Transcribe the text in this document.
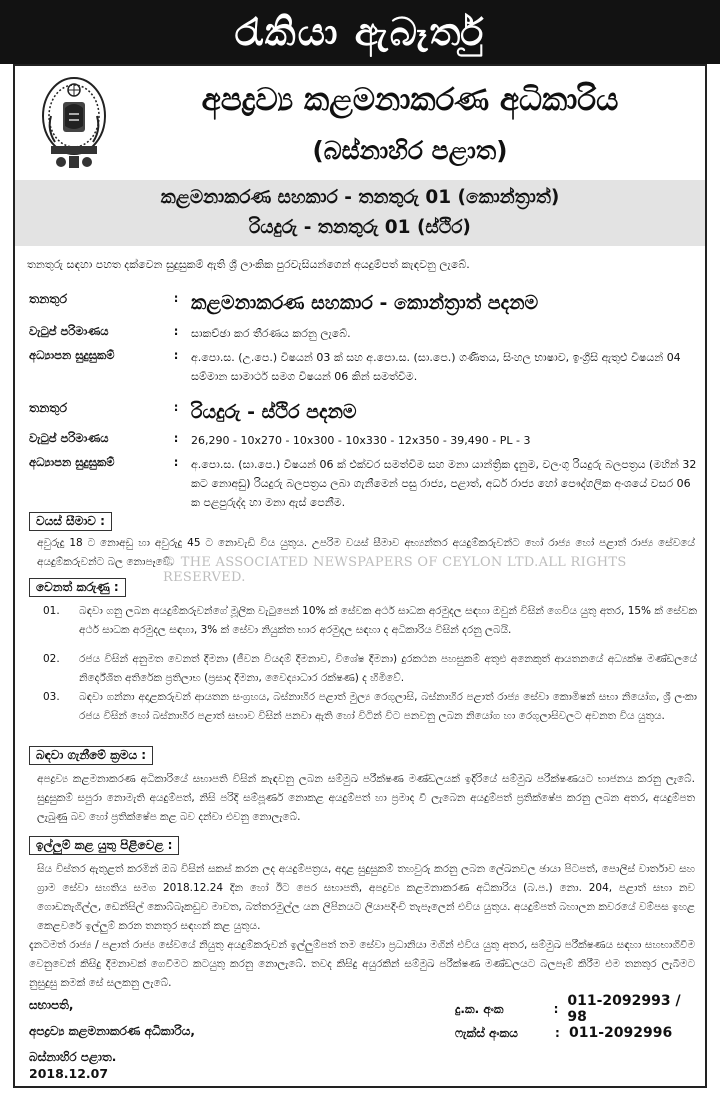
රැකියා ඇබෑර්තු
අපද්‍රව්‍ය කළමනාකරණ අධිකාරිය
(බස්නාහිර පළාත)
කළමනාකරණ සහකාර - තනතුරු 01 (කොන්ත්‍රාත්)
රියදුරු - තනතුරු 01 (ස්ථිර)
තනතුරු සඳහා පහත දක්වෙන සුදුසුකම් ඇති ශ්‍රී ලාංකික පුරවැසියන්ගෙන් අයදුම්පත් කැඳවනු ලැබේ.
තනතුර	: කළමනාකරණ සහකාර - කොන්ත්‍රාත් පදනම
වැටුප් පරිමාණය	:	සාකච්ඡා කර තීරණය කරනු ලැබේ.
අධ්‍යාපන සුදුසුකම්	:	අ.පො.ස. (උ.පෙ.) විෂයන් 03 ක් සහ අ.පො.ස. (සා.පෙ.) ගණිතය, සිංහල භාෂාව, ඉංග්‍රීසි ඇතුළු විෂයන් 04 සම්මාන සාමාර්ථ සමග විෂයන් 06 කින් සමත්වීම.
තනතුර	: රියදුරු - ස්ථිර පදනම
වැටුප් පරිමාණය	:	26,290 - 10x270 - 10x300 - 10x330 - 12x350 - 39,490 - PL - 3
අධ්‍යාපන සුදුසුකම්	:	අ.පො.ස. (සා.පෙ.) විෂයන් 06 ක් එක්වර සමත්වීම සහ මනා යාන්ත්‍රික දැනුම, වලංගු රියදුරු බලපත්‍රය (මහින් 32 කට නොඅඩු) රියදුරු බලපත්‍රය ලබා ගැනීමෙන් පසු රාජ්‍ය, පළාත්, අර්ධ රාජ්‍ය හෝ පෞද්ගලික අංශයේ වසර 06 ක පළපුරුද්ද හා මනා ඇස් පෙනීම.
වයස් සීමාව :
අවුරුදු 18 ට නොඅඩු හා අවුරුදු 45 ට නොවැඩි විය යුතුය. උපරිම වයස් සීමාව අභ්‍යන්තර අයදුම්කරුවන්ට හෝ රාජ්‍ය හෝ පළාත් රාජ්‍ය සේවයේ අයදුම්කරුවන්ට බල නොපෑවේ.
© THE ASSOCIATED NEWSPAPERS OF CEYLON LTD.ALL RIGHTS RESERVED.
වෙනත් කරුණු :
01.	බඳවා ගනු ලබන අයදුම්කරුවන්ගේ මූලික වැටුපෙන් 10% ක් සේවක අර්ථ සාධක අරමුදල සඳහා ඔවුන් විසින් ගෙවිය යුතු අතර, 15% ක් සේවක අර්ථ සාධක අරමුදල සඳහා, 3% ක් සේවා නියුක්ත භාර අරමුදල සඳහා ද අධිකාරිය විසින් දරනු ලබයි.
02.	රජය විසින් අනුමත වෙනත් දීමනා (ජීවන වියදම් දීමනාව, විශේෂ දීමනා) දුරකථන පහසුකම් අතුළු අනෙකුත් ආයතනයේ අධ්‍යක්ෂ මණ්ඩලයේ නිර්දේශිත අතිරේක ප්‍රතිලාභ (ප්‍රසාද දීමනා, වෛද්‍යාධාර රක්ෂණ) ද හිමිවේ.
03.	බඳවා ගන්නා අදාළකරුවන් ආයතන සංග්‍රහය, බස්නාහිර පළාත් මුල්‍ය රෙගුලාසි, බස්නාහිර පළාත් රාජ්‍ය සේවා කොමිෂන් සභා නියෝග, ශ්‍රී ලංකා රජය විසින් හෝ බස්නාහිර පළාත් සභාව විසින් පනවා ඇති හෝ විටින් විට පනවනු ලබන නියෝග හා රෙගුලාසිවලට අවනත විය යුතුය.
බඳවා ගැනීමේ ක්‍රමය :
අපද්‍රව්‍ය කළමනාකරණ අධිකාරියේ සභාපති විසින් කැඳවනු ලබන සම්මුඛ පරීක්ෂණ මණ්ඩලයක් ඉදිරියේ සම්මුඛ පරීක්ෂණයට භාජනය කරනු ලැබේ. සුදුසුකම් සපුරා නොමැති අයදුම්පත්, නිසි පරිදි සම්පූර්ණ නොකළ අයදුම්පත් හා ප්‍රමාද වී ලැබෙන අයදුම්පත් ප්‍රතික්ෂේප කරනු ලබන අතර, අයදුම්පත ලැබුණු බව හෝ ප්‍රතික්ෂේප කළ බව දන්වා එවනු නොලැබේ.
ඉල්ලුම් කළ යුතු පිළිවෙළ :
සිය විස්තර ඇතුළත් කරමින් ඔබ විසින් සකස් කරන ලද අයදුම්පත්‍රය, අදාළ සුදුසුකම් තහවුරු කරනු ලබන ලේඛනවල ඡායා පිටපත්, පොලිස් වාර්තාව සහ ග්‍රාම සේවා සහතිය සමග 2018.12.24 දින හෝ ඊට පෙර සභාපති, අපද්‍රව්‍ය කළමනාකරණ අධිකාරිය (බ.ප.) නො. 204, පළාත් සභා නව ගොඩනැගිල්ල, ඩෙන්සිල් කොබ්බෑකඩුව මාවත, බත්තරමුල්ල යන ලිපිනයට ලියාපදිංචි තැපෑලෙන් එවිය යුතුය. අයදුම්පත් බහාලන කවරයේ වම්පස ඉහළ කෙළවරේ ඉල්ලුම් කරන තනතුර සඳහන් කළ යුතුය.
දැනටමත් රාජ්‍ය / පළාත් රාජ්‍ය සේවයේ නියුතු අයදුම්කරුවන් ඉල්ලුම්පත් තම සේවා ප්‍රධානියා මගින් එවිය යුතු අතර, සම්මුඛ පරීක්ෂණය සඳහා සහභාගිවීම වෙනුවෙන් කිසිදු දීමනාවක් ගෙවීමට කටයුතු කරනු නොලැබේ. තවද කිසිදු අයුරකින් සම්මුඛ පරීක්ෂණ මණ්ඩලයට බලපෑම් කිරීම එම තනතුර ලැබීමට නුසුදුසු කමක් සේ සලකනු ලැබේ.
සභාපති,
අපද්‍රව්‍ය කළමනාකරණ අධිකාරිය,
බස්නාහිර පළාත.
දු.ක. අංක	: 011-2092993 / 98
ෆැක්ස් අංකය	: 011-2092996
2018.12.07
